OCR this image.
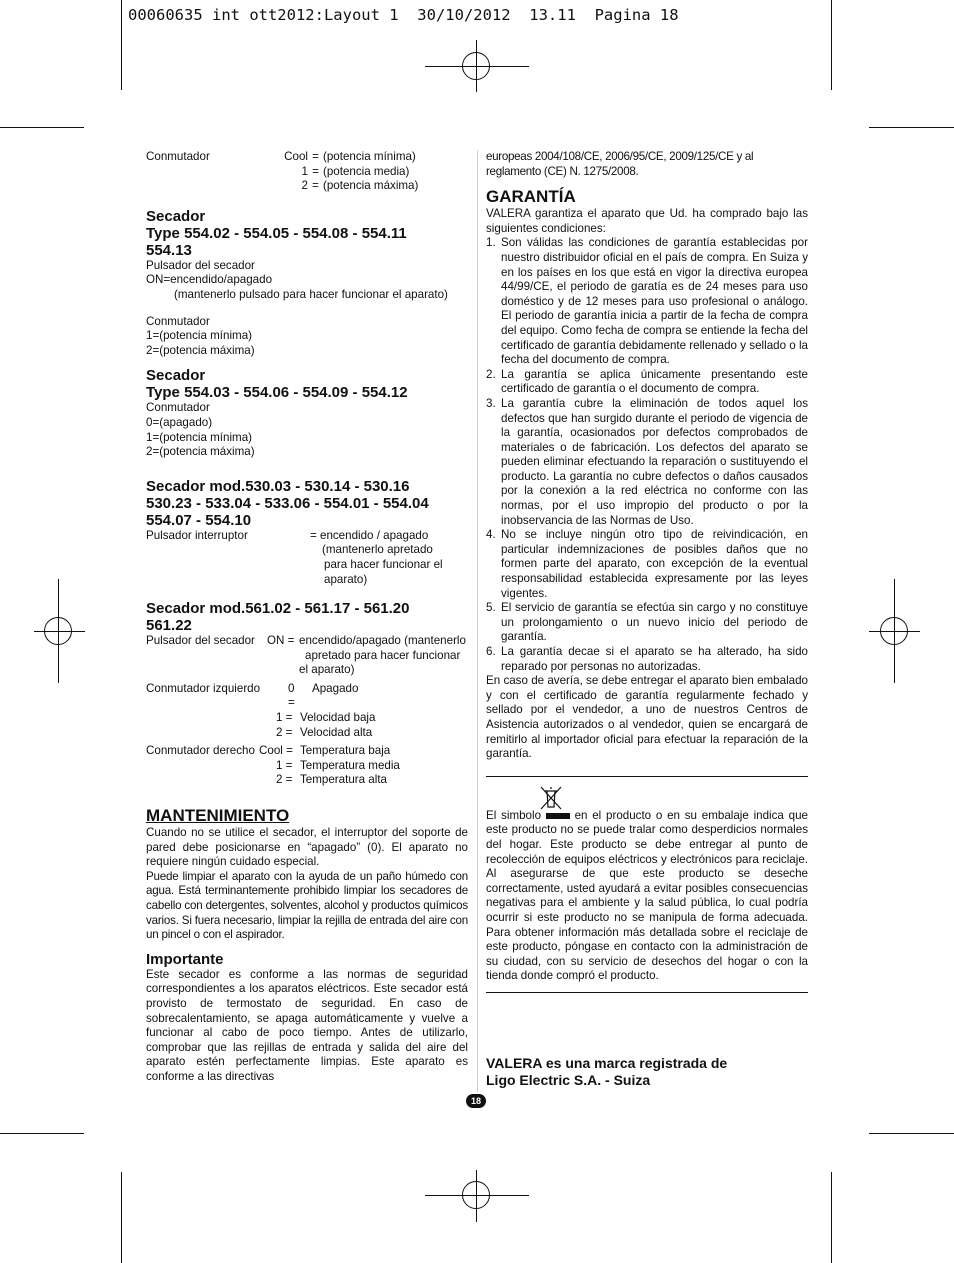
00060635 int ott2012:Layout 1  30/10/2012  13.11  Pagina 18
Conmutador	Cool = (potencia mínima)
1 = (potencia media)
2 = (potencia máxima)
Secador
Type 554.02 - 554.05 - 554.08 - 554.11
554.13

Pulsador del secador

ON=encendido/apagado

(mantenerlo pulsado para hacer funcionar el aparato)

Conmutador

1=(potencia mínima)

2=(potencia máxima)

Secador
Type 554.03 - 554.06 - 554.09 - 554.12

Conmutador

0=(apagado)

1=(potencia mínima)

2=(potencia máxima)

Secador mod.530.03 - 530.14 - 530.16
530.23 - 533.04 - 533.06 - 554.01 - 554.04
554.07 - 554.10
Pulsador interruptor	= encendido / apagado

(mantenerlo apretado

para hacer funcionar el

aparato)

Secador mod.561.02 - 561.17 - 561.20
561.22
Pulsador del secador	ON = encendido/apagado (mantenerlo

apretado para hacer funcionar

el aparato)

Conmutador izquierdo	0 =
Apagado
1 = Velocidad baja
2 = Velocidad alta
Conmutador derecho Cool = Temperatura baja
1 = Temperatura media
2 = Temperatura alta
MANTENIMIENTO

Cuando no se utilice el secador, el interruptor del soporte de pared debe posicionarse en “apagado” (0). El aparato no requiere ningún cuidado especial.

Puede limpiar el aparato con la ayuda de un paño húmedo con agua. Está terminantemente prohibido limpiar los secadores de cabello con detergentes, solventes, alcohol y productos químicos varios. Si fuera necesario, limpiar la rejilla de entrada del aire con un pincel o con el aspirador.

Importante

Este secador es conforme a las normas de seguridad correspondientes a los aparatos eléctricos. Este secador está provisto de termostato de seguridad. En caso de sobrecalentamiento, se apaga automáticamente y vuelve a funcionar al cabo de poco tiempo. Antes de utilizarlo, comprobar que las rejillas de entrada y salida del aire del aparato estén perfectamente limpias. Este aparato es conforme a las directivas

europeas 2004/108/CE, 2006/95/CE, 2009/125/CE y al reglamento (CE) N. 1275/2008.

GARANTÍA

VALERA garantiza el aparato que Ud. ha comprado bajo las siguientes condiciones:

1. Son válidas las condiciones de garantía establecidas por nuestro distribuidor oficial en el país de compra. En Suiza y en los países en los que está en vigor la directiva europea 44/99/CE, el periodo de garatía es de 24 meses para uso doméstico y de 12 meses para uso profesional o análogo. El periodo de garantía inicia a partir de la fecha de compra del equipo. Como fecha de compra se entiende la fecha del certificado de garantía debidamente rellenado y sellado o la fecha del documento de compra.
2. La garantía se aplica únicamente presentando este certificado de garantía o el documento de compra.
3. La garantía cubre la eliminación de todos aquel los defectos que han surgido durante el periodo de vigencia de la garantía, ocasionados por defectos comprobados de materiales o de fabricación. Los defectos del aparato se pueden eliminar efectuando la reparación o sustituyendo el producto. La garantía no cubre defectos o daños causados por la conexión a la red eléctrica no conforme con las normas, por el uso impropio del producto o por la inobservancia de las Normas de Uso.
4. No se incluye ningún otro tipo de reivindicación, en particular indemnizaciones de posibles daños que no formen parte del aparato, con excepción de la eventual responsabilidad establecida expresamente por las leyes vigentes.
5. El servicio de garantía se efectúa sin cargo y no constituye un prolongamiento o un nuevo inicio del periodo de garantía.
6. La garantía decae si el aparato se ha alterado, ha sido reparado por personas no autorizadas.

En caso de avería, se debe entregar el aparato bien embalado y con el certificado de garantía regularmente fechado y sellado por el vendedor, a uno de nuestros Centros de Asistencia autorizados o al vendedor, quien se encargará de remitirlo al importador oficial para efectuar la reparación de la garantía.

El simbolo	en el producto o en su embalaje indica que este producto no se puede tralar como desperdicios normales del hogar. Este producto se debe entregar al punto de recolección de equipos eléctricos y electrónicos para reciclaje. Al asegurarse de que este producto se deseche correctamente, usted ayudará a evitar posibles consecuencias negativas para el ambiente y la salud pública, lo cual podría ocurrir si este producto no se manipula de forma adecuada. Para obtener información más detallada sobre el reciclaje de este producto, póngase en contacto con la administración de su ciudad, con su servicio de desechos del hogar o con la tienda donde compró el producto.

VALERA es una marca registrada de

Ligo Electric S.A. - Suiza

18
